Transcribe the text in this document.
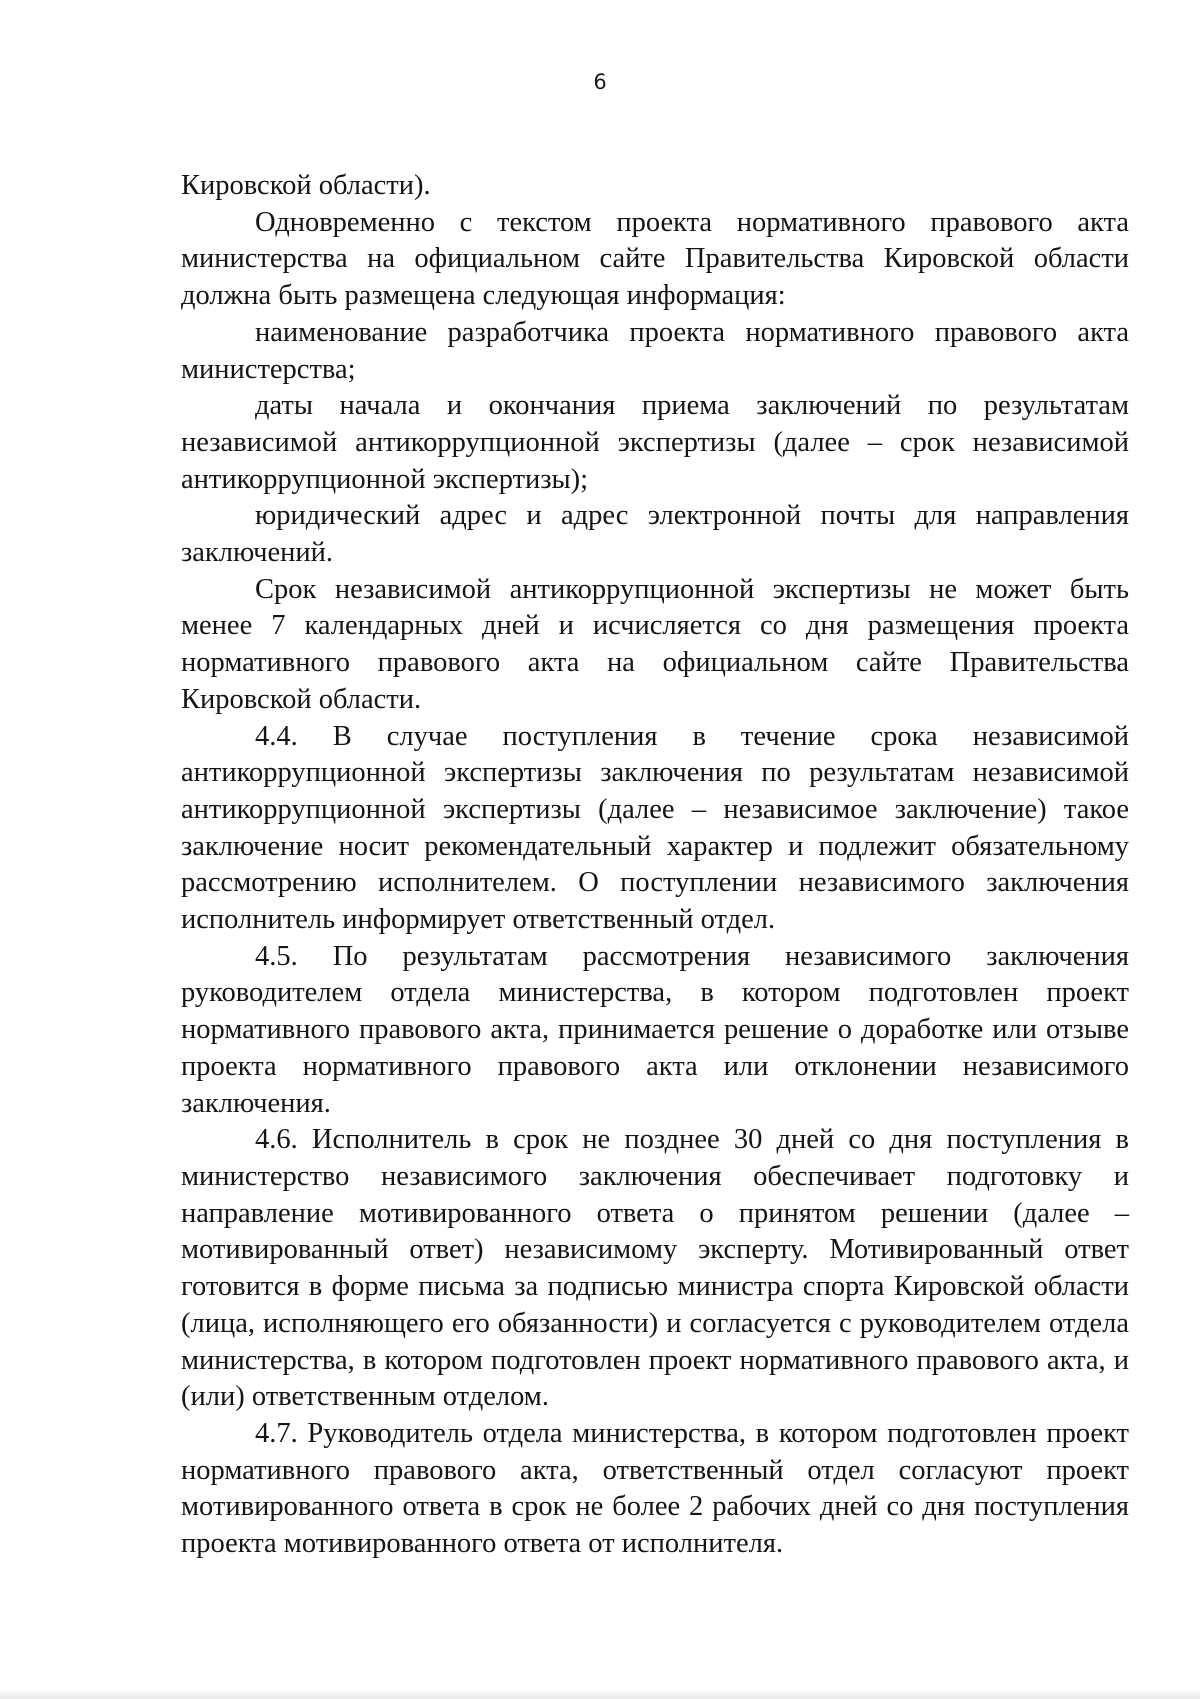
6

Кировской области).

Одновременно с текстом проекта нормативного правового акта министерства на официальном сайте Правительства Кировской области должна быть размещена следующая информация:

наименование разработчика проекта нормативного правового акта министерства;

даты начала и окончания приема заключений по результатам независимой антикоррупционной экспертизы (далее – срок независимой антикоррупционной экспертизы);

юридический адрес и адрес электронной почты для направления заключений.

Срок независимой антикоррупционной экспертизы не может быть менее 7 календарных дней и исчисляется со дня размещения проекта нормативного правового акта на официальном сайте Правительства Кировской области.

4.4. В случае поступления в течение срока независимой антикоррупционной экспертизы заключения по результатам независимой антикоррупционной экспертизы (далее – независимое заключение) такое заключение носит рекомендательный характер и подлежит обязательному рассмотрению исполнителем. О поступлении независимого заключения исполнитель информирует ответственный отдел.

4.5. По результатам рассмотрения независимого заключения руководителем отдела министерства, в котором подготовлен проект нормативного правового акта, принимается решение о доработке или отзыве проекта нормативного правового акта или отклонении независимого заключения.

4.6. Исполнитель в срок не позднее 30 дней со дня поступления в министерство независимого заключения обеспечивает подготовку и направление мотивированного ответа о принятом решении (далее – мотивированный ответ) независимому эксперту. Мотивированный ответ готовится в форме письма за подписью министра спорта Кировской области (лица, исполняющего его обязанности) и согласуется с руководителем отдела министерства, в котором подготовлен проект нормативного правового акта, и (или) ответственным отделом.

4.7. Руководитель отдела министерства, в котором подготовлен проект нормативного правового акта, ответственный отдел согласуют проект мотивированного ответа в срок не более 2 рабочих дней со дня поступления проекта мотивированного ответа от исполнителя.
